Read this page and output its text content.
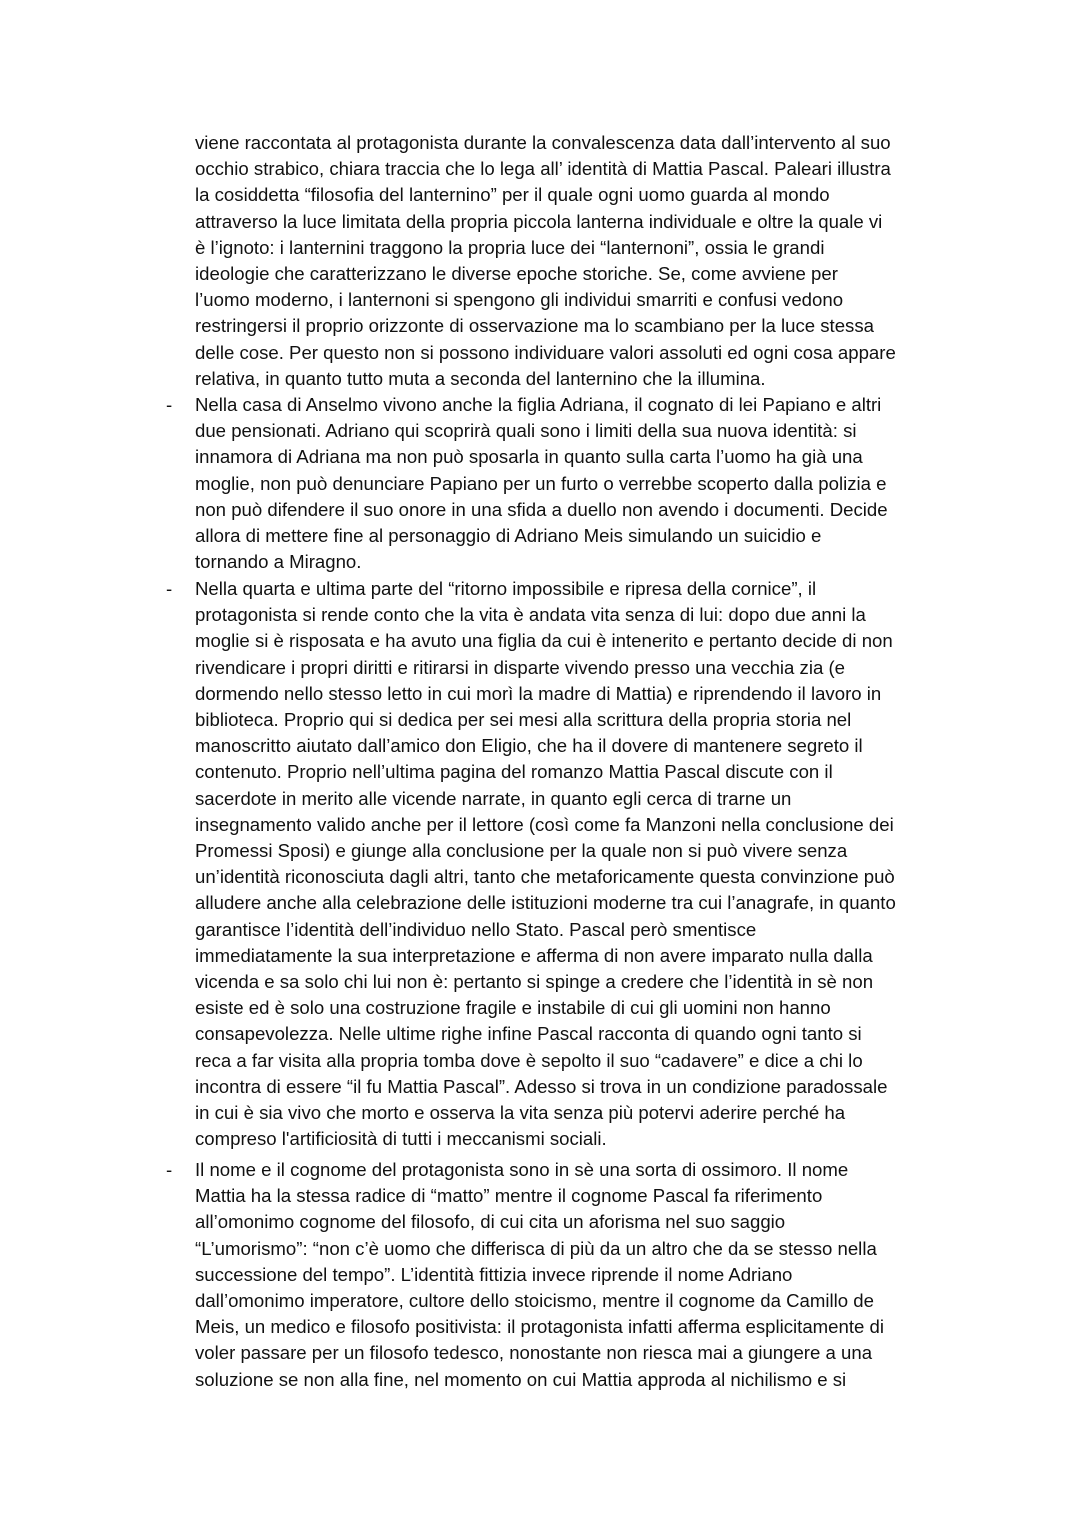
viene raccontata al protagonista durante la convalescenza data dall’intervento al suo
occhio strabico, chiara traccia che lo lega all’ identità di Mattia Pascal. Paleari illustra
la cosiddetta “filosofia del lanternino” per il quale ogni uomo guarda al mondo
attraverso la luce limitata della propria piccola lanterna individuale e oltre la quale vi
è l’ignoto: i lanternini traggono la propria luce dei “lanternoni”, ossia le grandi
ideologie che caratterizzano le diverse epoche storiche. Se, come avviene per
l’uomo moderno, i lanternoni si spengono gli individui smarriti e confusi vedono
restringersi il proprio orizzonte di osservazione ma lo scambiano per la luce stessa
delle cose. Per questo non si possono individuare valori assoluti ed ogni cosa appare
relativa, in quanto tutto muta a seconda del lanternino che la illumina.

- Nella casa di Anselmo vivono anche la figlia Adriana, il cognato di lei Papiano e altri
due pensionati. Adriano qui scoprirà quali sono i limiti della sua nuova identità: si
innamora di Adriana ma non può sposarla in quanto sulla carta l’uomo ha già una
moglie, non può denunciare Papiano per un furto o verrebbe scoperto dalla polizia e
non può difendere il suo onore in una sfida a duello non avendo i documenti. Decide
allora di mettere fine al personaggio di Adriano Meis simulando un suicidio e
tornando a Miragno.

- Nella quarta e ultima parte del “ritorno impossibile e ripresa della cornice”, il
protagonista si rende conto che la vita è andata vita senza di lui: dopo due anni la
moglie si è risposata e ha avuto una figlia da cui è intenerito e pertanto decide di non
rivendicare i propri diritti e ritirarsi in disparte vivendo presso una vecchia zia (e
dormendo nello stesso letto in cui morì la madre di Mattia) e riprendendo il lavoro in
biblioteca. Proprio qui si dedica per sei mesi alla scrittura della propria storia nel
manoscritto aiutato dall’amico don Eligio, che ha il dovere di mantenere segreto il
contenuto. Proprio nell’ultima pagina del romanzo Mattia Pascal discute con il
sacerdote in merito alle vicende narrate, in quanto egli cerca di trarne un
insegnamento valido anche per il lettore (così come fa Manzoni nella conclusione dei
Promessi Sposi) e giunge alla conclusione per la quale non si può vivere senza
un’identità riconosciuta dagli altri, tanto che metaforicamente questa convinzione può
alludere anche alla celebrazione delle istituzioni moderne tra cui l’anagrafe, in quanto
garantisce l’identità dell’individuo nello Stato. Pascal però smentisce
immediatamente la sua interpretazione e afferma di non avere imparato nulla dalla
vicenda e sa solo chi lui non è: pertanto si spinge a credere che l’identità in sè non
esiste ed è solo una costruzione fragile e instabile di cui gli uomini non hanno
consapevolezza. Nelle ultime righe infine Pascal racconta di quando ogni tanto si
reca a far visita alla propria tomba dove è sepolto il suo “cadavere” e dice a chi lo
incontra di essere “il fu Mattia Pascal”. Adesso si trova in un condizione paradossale
in cui è sia vivo che morto e osserva la vita senza più potervi aderire perché ha
compreso l'artificiosità di tutti i meccanismi sociali.

- Il nome e il cognome del protagonista sono in sè una sorta di ossimoro. Il nome
Mattia ha la stessa radice di “matto” mentre il cognome Pascal fa riferimento
all’omonimo cognome del filosofo, di cui cita un aforisma nel suo saggio
“L’umorismo”: “non c’è uomo che differisca di più da un altro che da se stesso nella
successione del tempo”. L’identità fittizia invece riprende il nome Adriano
dall’omonimo imperatore, cultore dello stoicismo, mentre il cognome da Camillo de
Meis, un medico e filosofo positivista: il protagonista infatti afferma esplicitamente di
voler passare per un filosofo tedesco, nonostante non riesca mai a giungere a una
soluzione se non alla fine, nel momento on cui Mattia approda al nichilismo e si
